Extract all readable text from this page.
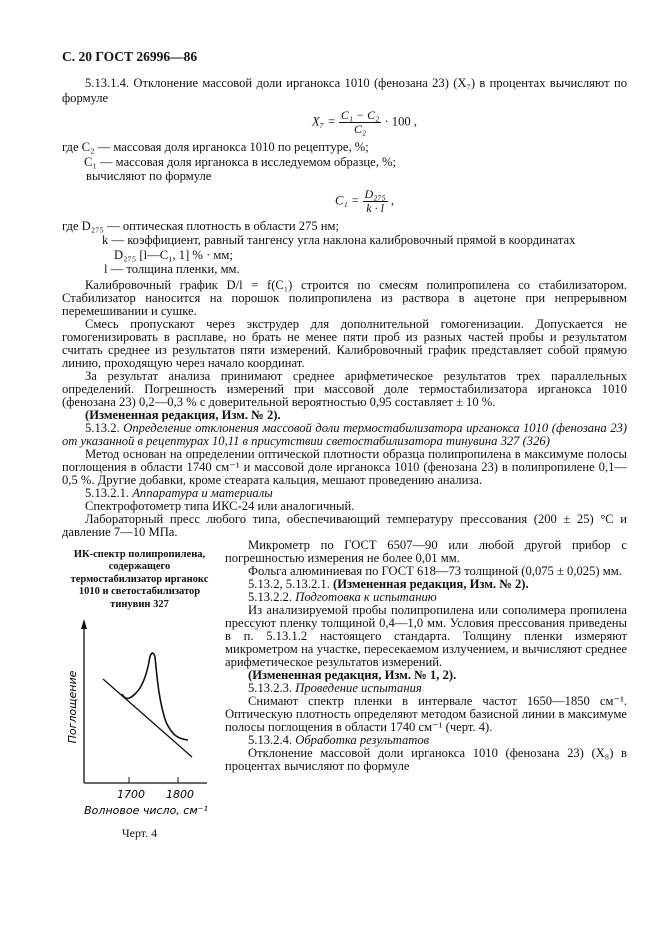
С. 20 ГОСТ 26996—86
5.13.1.4. Отклонение массовой доли ирганокса 1010 (фенозана 23) (X₇) в процентах вычисляют по формуле
$X_7 = \frac{\text{C₁ − C₂}}{\text{C₂}} \cdot 100$ ,
где C₂ — массовая доля ирганокса 1010 по рецептуре, %;
C₁ — массовая доля ирганокса в исследуемом образце, %;
вычисляют по формуле
$C_1 = \frac{\text{D₂₇₅}}{k \cdot l}$ ,
где D₂₇₅ — оптическая плотность в области 275 нм;
k — коэффициент, равный тангенсу угла наклона калибровочный прямой в координатах
D₂₇₅ [l—C₁, 1] % · мм;
l — толщина пленки, мм.
Калибровочный график D/l = f(C₁) строится по смесям полипропилена со стабилизатором. Стабилизатор наносится на порошок полипропилена из раствора в ацетоне при непрерывном перемешивании и сушке.
Смесь пропускают через экструдер для дополнительной гомогенизации. Допускается не гомогенизировать в расплаве, но брать не менее пяти проб из разных частей пробы и результатом считать среднее из результатов пяти измерений. Калибровочный график представляет собой прямую линию, проходящую через начало координат.
За результат анализа принимают среднее арифметическое результатов трех параллельных определений. Погрешность измерений при массовой доле термостабилизатора ирганокса 1010 (фенозана 23) 0,2—0,3 % с доверительной вероятностью 0,95 составляет ± 10 %.
(Измененная редакция, Изм. № 2).
5.13.2. Определение отклонения массовой доли термостабилизатора ирганокса 1010 (фенозана 23) от указанной в рецептурах 10,11 в присутствии светостабилизатора тинувина 327 (326)
Метод основан на определении оптической плотности образца полипропилена в максимуме полосы поглощения в области 1740 см⁻¹ и массовой доле ирганокса 1010 (фенозана 23) в полипропилене 0,1—0,5 %. Другие добавки, кроме стеарата кальция, мешают проведению анализа.
5.13.2.1. Аппаратура и материалы
Спектрофотометр типа ИКС-24 или аналогичный.
Лабораторный пресс любого типа, обеспечивающий температуру прессования (200 ± 25) °С и давление 7—10 МПа.
ИК-спектр полипропилена, содержащего термостабилизатор ирганокс 1010 и светостабилизатор тинувин 327
1700 1800
Волновое число, см⁻¹
Поглощение
Черт. 4
Микрометр по ГОСТ 6507—90 или любой другой прибор с погрешностью измерения не более 0,01 мм.
Фольга алюминиевая по ГОСТ 618—73 толщиной (0,075 ± 0,025) мм.
5.13.2, 5.13.2.1. (Измененная редакция, Изм. № 2).
5.13.2.2. Подготовка к испытанию
Из анализируемой пробы полипропилена или сополимера пропилена прессуют пленку толщиной 0,4—1,0 мм. Условия прессования приведены в п. 5.13.1.2 настоящего стандарта. Толщину пленки измеряют микрометром на участке, пересекаемом излучением, и вычисляют среднее арифметическое результатов измерений.
(Измененная редакция, Изм. № 1, 2).
5.13.2.3. Проведение испытания
Снимают спектр пленки в интервале частот 1650—1850 см⁻¹. Оптическую плотность определяют методом базисной линии в максимуме полосы поглощения в области 1740 см⁻¹ (черт. 4).
5.13.2.4. Обработка результатов
Отклонение массовой доли ирганокса 1010 (фенозана 23) (X₈) в процентах вычисляют по формуле
